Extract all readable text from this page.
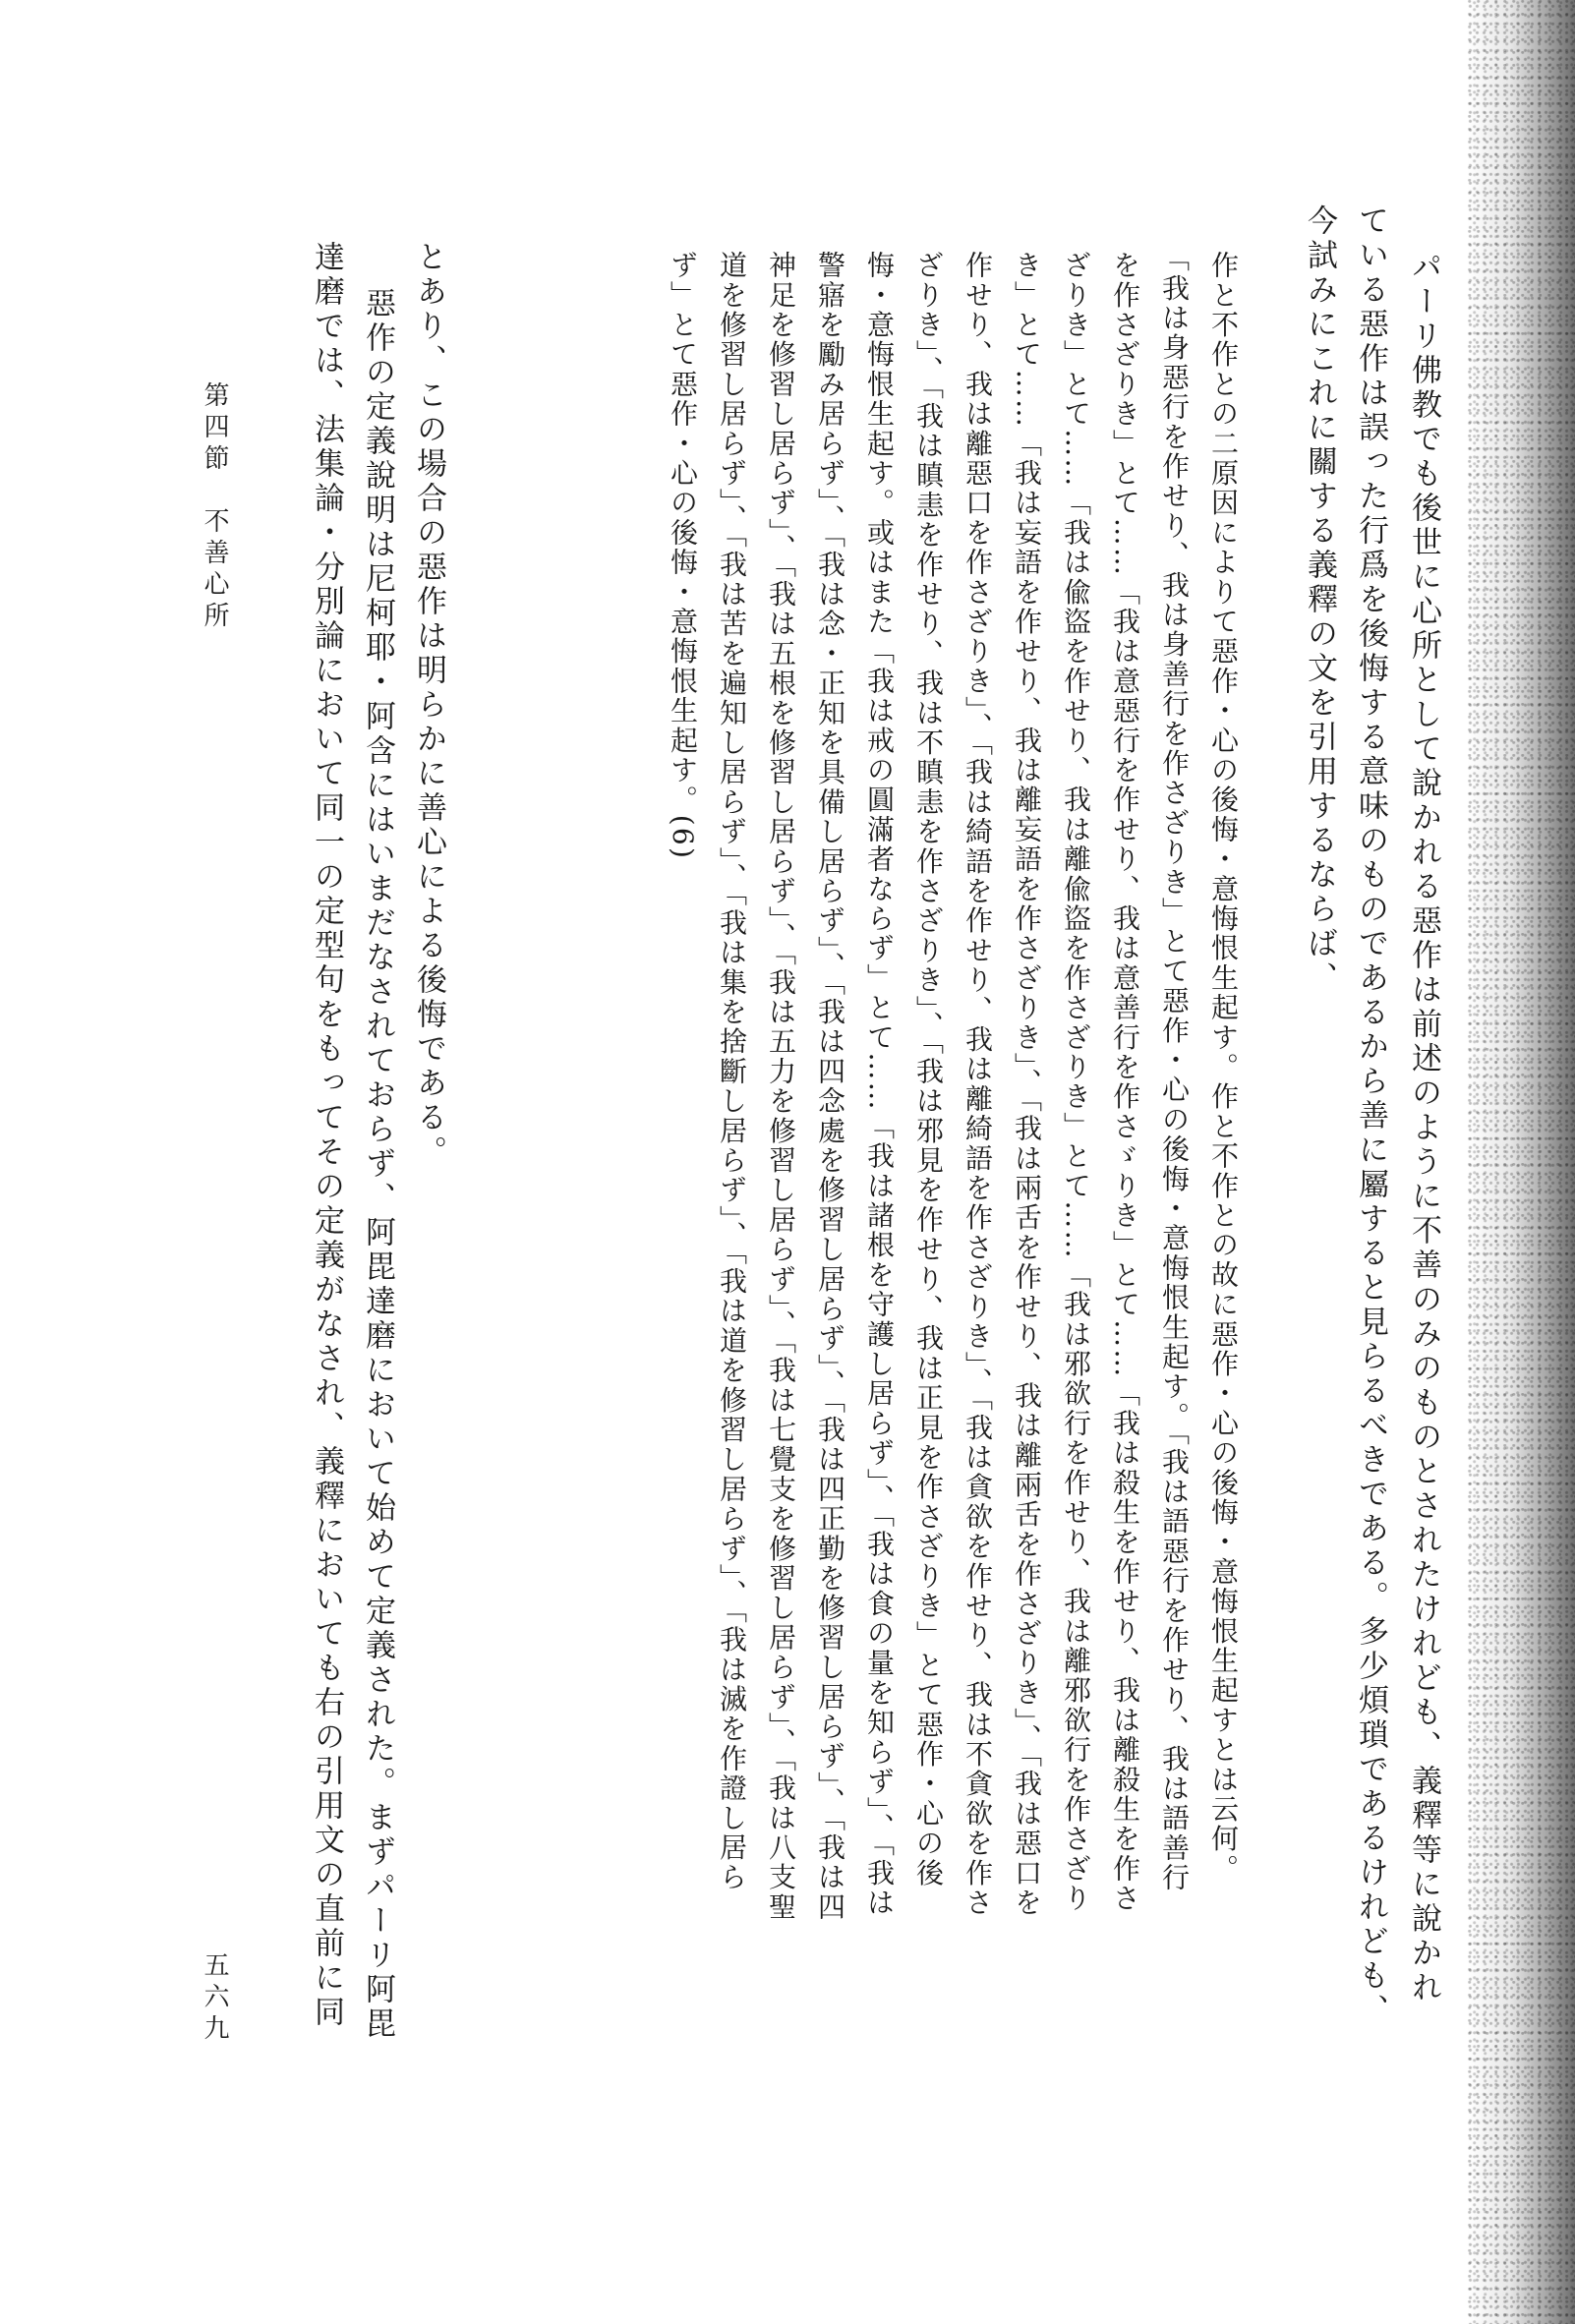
パーリ佛教でも後世に心所として說かれる惡作は前述のように不善のみのものとされたけれども、義釋等に說かれ
ている惡作は誤った行爲を後悔する意味のものであるから善に屬すると見らるべきである。多少煩瑣であるけれども、
今試みにこれに關する義釋の文を引用するならば、
作と不作との二原因によりて惡作・心の後悔・意悔恨生起す。作と不作との故に惡作・心の後悔・意悔恨生起すとは云何。
「我は身惡行を作せり、我は身善行を作さざりき」とて惡作・心の後悔・意悔恨生起す。「我は語惡行を作せり、我は語善行
を作さざりき」とて……「我は意惡行を作せり、我は意善行を作さゞりき」とて……「我は殺生を作せり、我は離殺生を作さ
ざりき」とて……「我は偸盜を作せり、我は離偸盜を作さざりき」とて……「我は邪欲行を作せり、我は離邪欲行を作さざり
き」とて……「我は妄語を作せり、我は離妄語を作さざりき」、「我は兩舌を作せり、我は離兩舌を作さざりき」、「我は惡口を
作せり、我は離惡口を作さざりき」、「我は綺語を作せり、我は離綺語を作さざりき」、「我は貪欲を作せり、我は不貪欲を作さ
ざりき」、「我は瞋恚を作せり、我は不瞋恚を作さざりき」、「我は邪見を作せり、我は正見を作さざりき」とて惡作・心の後
悔・意悔恨生起す。或はまた「我は戒の圓滿者ならず」とて……「我は諸根を守護し居らず」、「我は食の量を知らず」、「我は
警寤を勵み居らず」、「我は念・正知を具備し居らず」、「我は四念處を修習し居らず」、「我は四正勤を修習し居らず」、「我は四
神足を修習し居らず」、「我は五根を修習し居らず」、「我は五力を修習し居らず」、「我は七覺支を修習し居らず」、「我は八支聖
道を修習し居らず」、「我は苦を遍知し居らず」、「我は集を捨斷し居らず」、「我は道を修習し居らず」、「我は滅を作證し居ら
ず」とて惡作・心の後悔・意悔恨生起す。(6)
とあり、この場合の惡作は明らかに善心による後悔である。
惡作の定義說明は尼柯耶・阿含にはいまだなされておらず、阿毘達磨において始めて定義された。まずパーリ阿毘
達磨では、法集論・分別論において同一の定型句をもってその定義がなされ、義釋においても右の引用文の直前に同
第四節　不善心所
五六九
